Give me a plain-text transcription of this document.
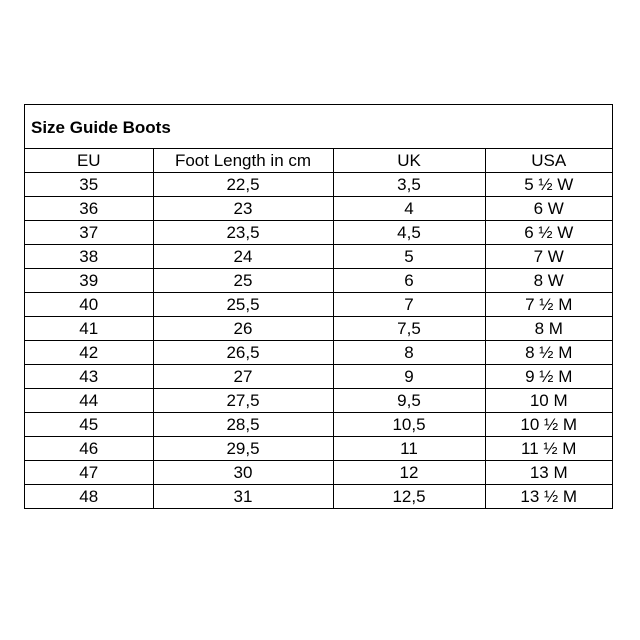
Size Guide Boots
EU	Foot Length in cm	UK	USA
35	22,5	3,5	5 ½ W
36	23	4	6 W
37	23,5	4,5	6 ½ W
38	24	5	7 W
39	25	6	8 W
40	25,5	7	7 ½ M
41	26	7,5	8 M
42	26,5	8	8 ½ M
43	27	9	9 ½ M
44	27,5	9,5	10 M
45	28,5	10,5	10 ½ M
46	29,5	11	11 ½ M
47	30	12	13 M
48	31	12,5	13 ½ M
